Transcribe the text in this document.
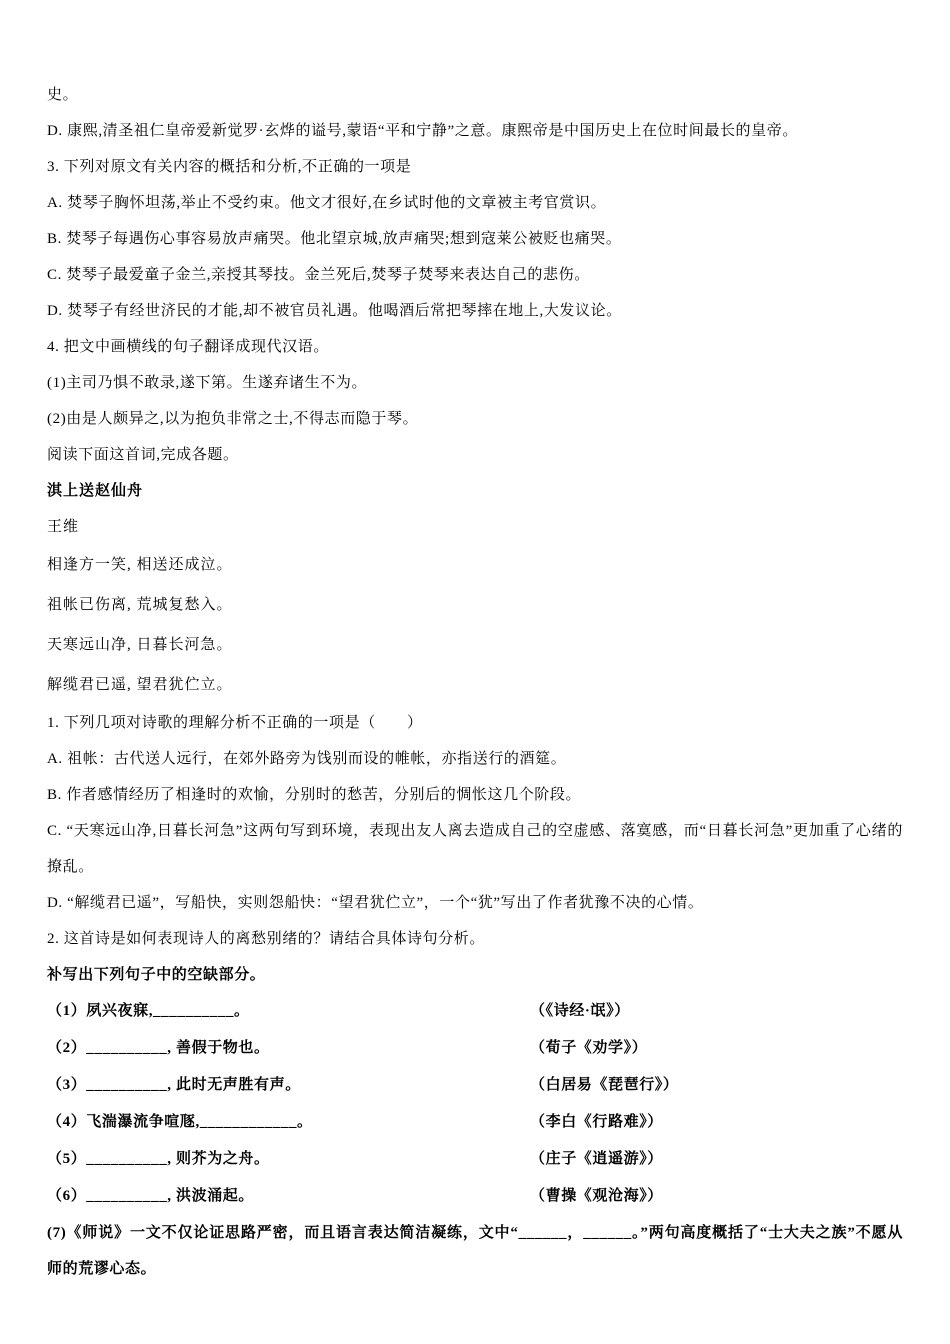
史。

D. 康熙,清圣祖仁皇帝爱新觉罗·玄烨的谥号,蒙语“平和宁静”之意。康熙帝是中国历史上在位时间最长的皇帝。

3. 下列对原文有关内容的概括和分析,不正确的一项是

A. 焚琴子胸怀坦荡,举止不受约束。他文才很好,在乡试时他的文章被主考官赏识。

B. 焚琴子每遇伤心事容易放声痛哭。他北望京城,放声痛哭;想到寇莱公被贬也痛哭。

C. 焚琴子最爱童子金兰,亲授其琴技。金兰死后,焚琴子焚琴来表达自己的悲伤。

D. 焚琴子有经世济民的才能,却不被官员礼遇。他喝酒后常把琴摔在地上,大发议论。

4. 把文中画横线的句子翻译成现代汉语。

(1)主司乃惧不敢录,遂下第。生遂弃诸生不为。

(2)由是人颇异之,以为抱负非常之士,不得志而隐于琴。

阅读下面这首词,完成各题。

淇上送赵仙舟

王维

相逢方一笑, 相送还成泣。

祖帐已伤离, 荒城复愁入。

天寒远山净, 日暮长河急。

解缆君已遥, 望君犹伫立。

1. 下列几项对诗歌的理解分析不正确的一项是（　　）

A. 祖帐：古代送人远行，在郊外路旁为饯别而设的帷帐，亦指送行的酒筵。

B. 作者感情经历了相逢时的欢愉，分别时的愁苦，分别后的惆怅这几个阶段。

C. “天寒远山净,日暮长河急”这两句写到环境，表现出友人离去造成自己的空虚感、落寞感，而“日暮长河急”更加重了心绪的撩乱。

D. “解缆君已遥”，写船快，实则怨船快：“望君犹伫立”，一个“犹”写出了作者犹豫不决的心情。

2. 这首诗是如何表现诗人的离愁别绪的？请结合具体诗句分析。

补写出下列句子中的空缺部分。

（1）夙兴夜寐,__________。	（《诗经·氓》）
（2）__________, 善假于物也。	（荀子《劝学》）
（3）__________, 此时无声胜有声。	（白居易《琵琶行》）
（4）飞湍瀑流争喧豗,____________。	（李白《行路难》）
（5）__________, 则芥为之舟。	（庄子《逍遥游》）
（6）__________, 洪波涌起。	（曹操《观沧海》）

(7)《师说》一文不仅论证思路严密，而且语言表达简洁凝练，文中“______，______。”两句高度概括了“士大夫之族”不愿从师的荒谬心态。
